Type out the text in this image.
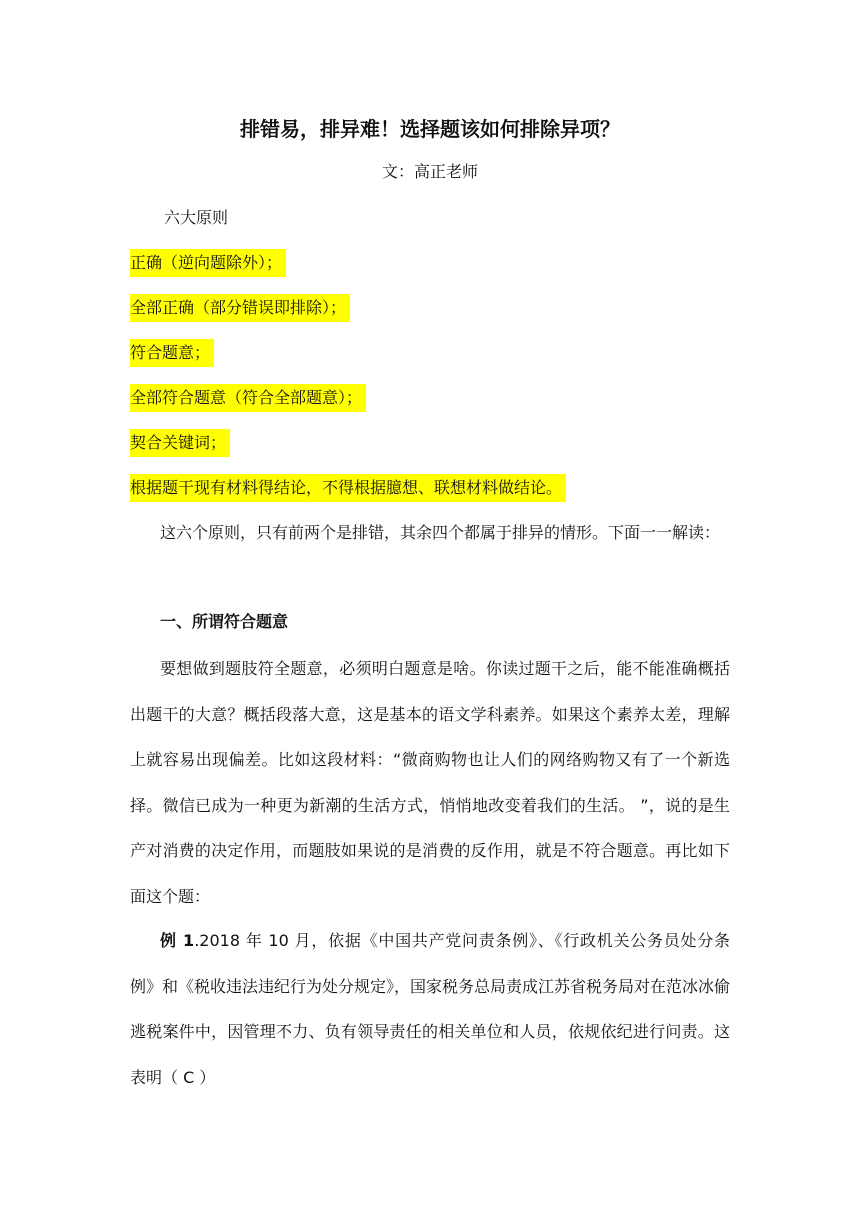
排错易，排异难！选择题该如何排除异项？
文：高正老师
六大原则
正确（逆向题除外）；
全部正确（部分错误即排除）；
符合题意；
全部符合题意（符合全部题意）；
契合关键词；
根据题干现有材料得结论，不得根据臆想、联想材料做结论。
这六个原则，只有前两个是排错，其余四个都属于排异的情形。下面一一解读：
一、所谓符合题意
要想做到题肢符全题意，必须明白题意是啥。你读过题干之后，能不能准确概括出题干的大意？概括段落大意，这是基本的语文学科素养。如果这个素养太差，理解上就容易出现偏差。比如这段材料：“微商购物也让人们的网络购物又有了一个新选择。微信已成为一种更为新潮的生活方式，悄悄地改变着我们的生活。 ”，说的是生产对消费的决定作用，而题肢如果说的是消费的反作用，就是不符合题意。再比如下面这个题：
例 1.2018 年 10 月，依据《中国共产党问责条例》、《行政机关公务员处分条例》和《税收违法违纪行为处分规定》，国家税务总局责成江苏省税务局对在范冰冰偷逃税案件中，因管理不力、负有领导责任的相关单位和人员，依规依纪进行问责。这表明（ C ）
